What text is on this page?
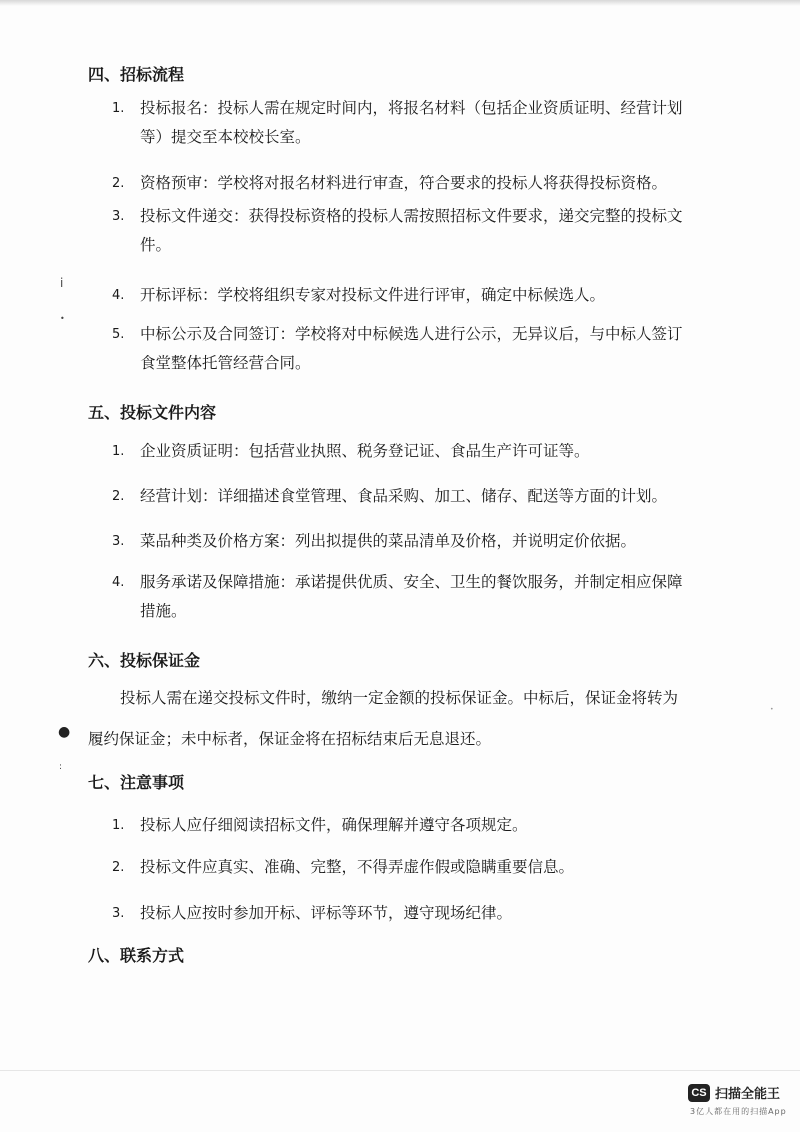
四、招标流程
1.	投标报名：投标人需在规定时间内，将报名材料（包括企业资质证明、经营计划等）提交至本校校长室。
2.	资格预审：学校将对报名材料进行审查，符合要求的投标人将获得投标资格。
3.	投标文件递交：获得投标资格的投标人需按照招标文件要求，递交完整的投标文件。
4.	开标评标：学校将组织专家对投标文件进行评审，确定中标候选人。
5.	中标公示及合同签订：学校将对中标候选人进行公示，无异议后，与中标人签订食堂整体托管经营合同。
五、投标文件内容
1.	企业资质证明：包括营业执照、税务登记证、食品生产许可证等。
2.	经营计划：详细描述食堂管理、食品采购、加工、储存、配送等方面的计划。
3.	菜品种类及价格方案：列出拟提供的菜品清单及价格，并说明定价依据。
4.	服务承诺及保障措施：承诺提供优质、安全、卫生的餐饮服务，并制定相应保障措施。
六、投标保证金
投标人需在递交投标文件时，缴纳一定金额的投标保证金。中标后，保证金将转为履约保证金；未中标者，保证金将在招标结束后无息退还。
七、注意事项
1.	投标人应仔细阅读招标文件，确保理解并遵守各项规定。
2.	投标文件应真实、准确、完整，不得弄虚作假或隐瞒重要信息。
3.	投标人应按时参加开标、评标等环节，遵守现场纪律。
八、联系方式
ⅰ
•
●
:
•
CS 扫描全能王
3亿人都在用的扫描App
